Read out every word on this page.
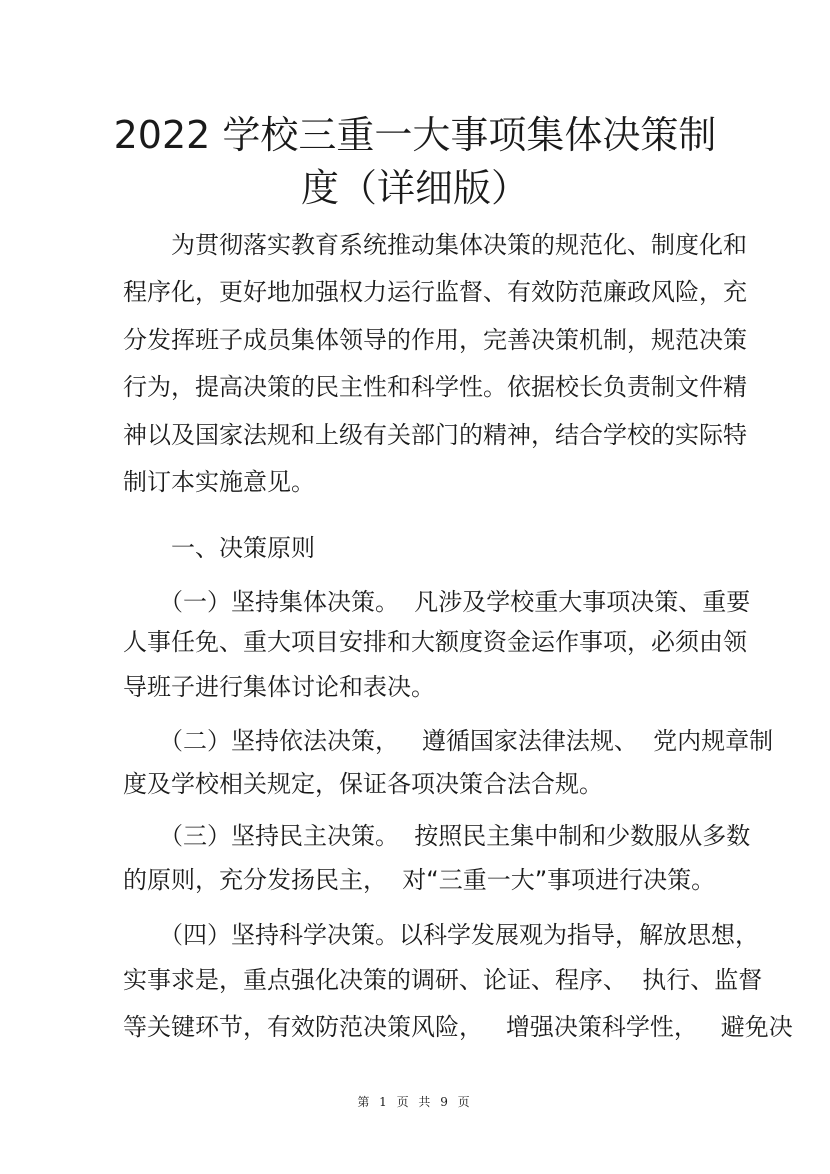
2022 学校三重一大事项集体决策制
度（详细版）
　　为贯彻落实教育系统推动集体决策的规范化、制度化和
程序化，更好地加强权力运行监督、有效防范廉政风险，充
分发挥班子成员集体领导的作用，完善决策机制，规范决策
行为，提高决策的民主性和科学性。依据校长负责制文件精
神以及国家法规和上级有关部门的精神，结合学校的实际特
制订本实施意见。
　　一、决策原则
　　（一）坚持集体决策。  凡涉及学校重大事项决策、重要
人事任免、重大项目安排和大额度资金运作事项，必须由领
导班子进行集体讨论和表决。
　　（二）坚持依法决策，   遵循国家法律法规、  党内规章制
度及学校相关规定，保证各项决策合法合规。
　　（三）坚持民主决策。  按照民主集中制和少数服从多数
的原则，充分发扬民主，  对“三重一大”事项进行决策。
　　（四）坚持科学决策。以科学发展观为指导，解放思想，
实事求是，重点强化决策的调研、论证、程序、  执行、监督
等关键环节，有效防范决策风险，   增强决策科学性，   避免决
第 1 页 共 9 页
